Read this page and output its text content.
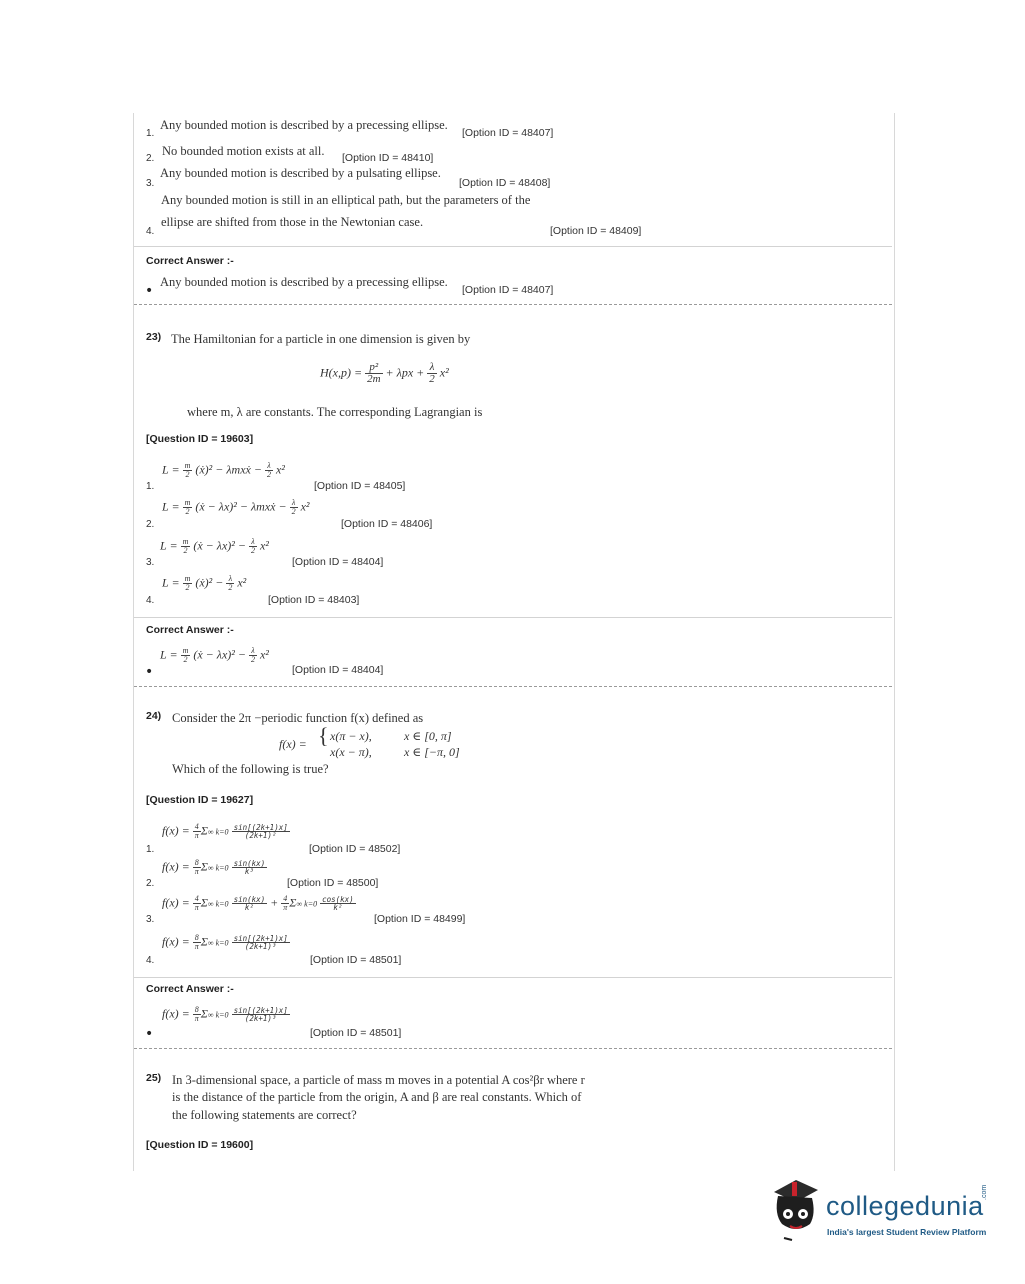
1.
Any bounded motion is described by a precessing ellipse.
[Option ID = 48407]
2.
No bounded motion exists at all. [Option ID = 48410]
3.
Any bounded motion is described by a pulsating ellipse.
[Option ID = 48408]
Any bounded motion is still in an elliptical path, but the parameters of the
4.
ellipse are shifted from those in the Newtonian case.
[Option ID = 48409]
Correct Answer :-
•
Any bounded motion is described by a precessing ellipse.
[Option ID = 48407]
23) The Hamiltonian for a particle in one dimension is given by
$H(x,p) = \frac{\text{p²}}{2m} + \lambda px + \frac{\lambda}{2} x^2$
where m, λ are constants. The corresponding Lagrangian is
[Question ID = 19603]
1.
$L = \frac{m}{2}$ (ẋ)² − λmxẋ − $\frac{\lambda}{2} x^2$
[Option ID = 48405]
2.
$L = \frac{m}{2}$ (ẋ − λx)² − λmxẋ − $\frac{\lambda}{2} x^2$
[Option ID = 48406]
3.
$L = \frac{m}{2}$ (ẋ − $\lambda x)^2 - \frac{\lambda}{2} x^2$
[Option ID = 48404]
4.
$L = \frac{m}{2}$ (ẋ)² − $\frac{\lambda}{2} x^2$
[Option ID = 48403]
Correct Answer :-
•
$L = \frac{m}{2}$ (ẋ − $\lambda x)^2 - \frac{\lambda}{2} x^2$
[Option ID = 48404]
24) Consider the 2π −periodic function f(x) defined as
f(x) = { x(π − x),	x ∈ [0, π]
x(x − π),	x ∈ [−π, 0]
Which of the following is true?
[Question ID = 19627]
1.
$f(x) = \frac{4}{\pi} \Sigma\infty$ $k=0 \frac{\sin[(2k+1)x]}{\text{(2k+1)²}}$
[Option ID = 48502]
2.
$f(x) = \frac{8}{\pi} \Sigma\infty$ $k=0 \frac{\sin(kx)}{\text{k³}}$
[Option ID = 48500]
3.
$f(x) = \frac{4}{\pi} \Sigma\infty$ $k=0 \frac{\sin(kx)}{\text{k²}} + \frac{4}{\pi} \Sigma\infty$ $k=0 \frac{\cos(kx)}{\text{k²}}$
[Option ID = 48499]
4.
$f(x) = \frac{8}{\pi} \Sigma\infty$ $k=0 \frac{\sin[(2k+1)x]}{\text{(2k+1)³}}$
[Option ID = 48501]
Correct Answer :-
•
$f(x) = \frac{8}{\pi} \Sigma\infty$ $k=0 \frac{\sin[(2k+1)x]}{\text{(2k+1)³}}$
[Option ID = 48501]
25) In 3-dimensional space, a particle of mass m moves in a potential A cos²βr where r
is the distance of the particle from the origin, A and β are real constants. Which of
the following statements are correct?
[Question ID = 19600]
collegedunia
.com
India's largest Student Review Platform
